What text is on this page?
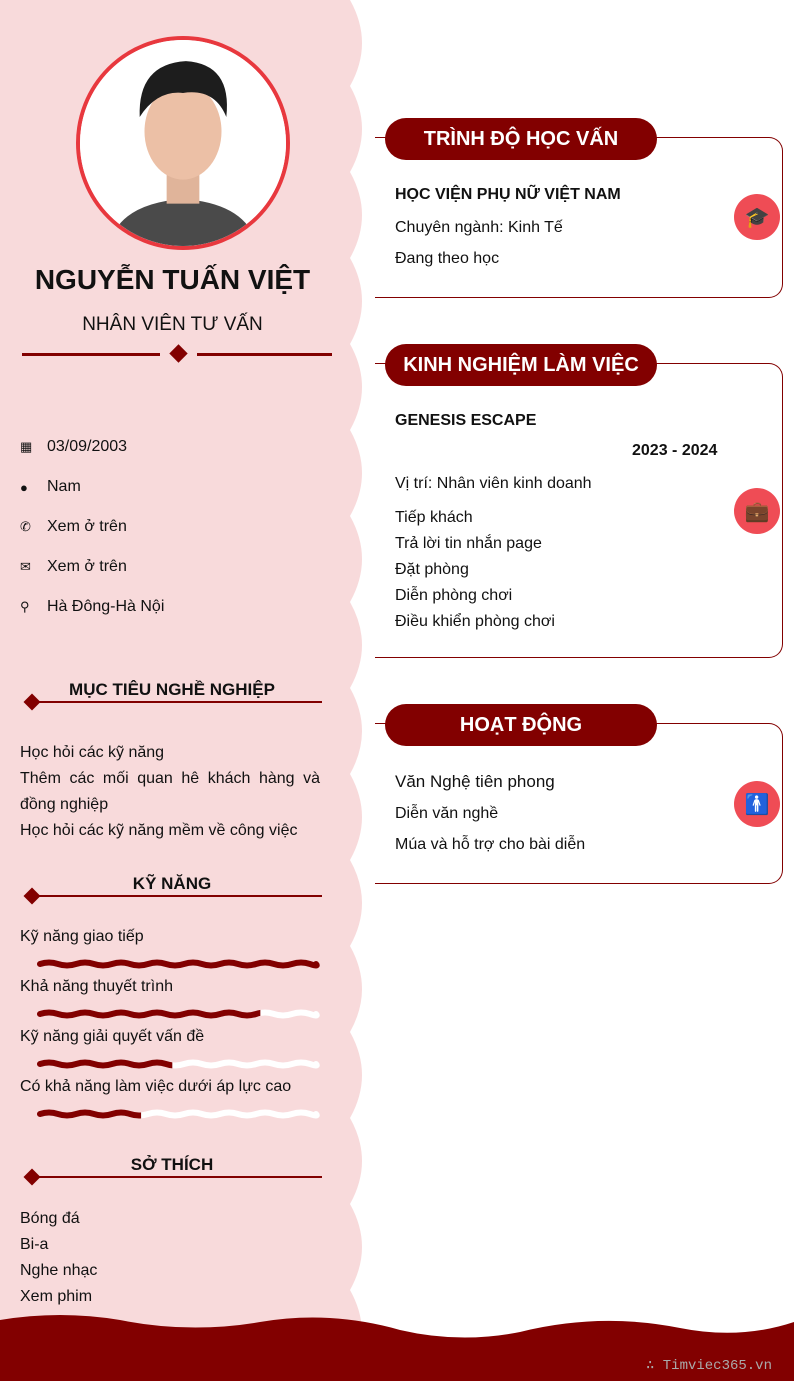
NGUYỄN TUẤN VIỆT
NHÂN VIÊN TƯ VẤN
▦ 03/09/2003
●	Nam
✆	Xem ở trên
✉	Xem ở trên
⚲	Hà Đông-Hà Nội
MỤC TIÊU NGHỀ NGHIỆP
Học hỏi các kỹ năng
Thêm các mối quan hê khách hàng và đồng nghiệp
Học hỏi các kỹ năng mềm về công việc
KỸ NĂNG
Kỹ năng giao tiếp
Khả năng thuyết trình
Kỹ năng giải quyết vấn đề
Có khả năng làm việc dưới áp lực cao
SỞ THÍCH
Bóng đá
Bi-a
Nghe nhạc
Xem phim
TRÌNH ĐỘ HỌC VẤN
HỌC VIỆN PHỤ NỮ VIỆT NAM
Chuyên ngành: Kinh Tế
Đang theo học
🎓
KINH NGHIỆM LÀM VIỆC
GENESIS ESCAPE
2023 - 2024
Vị trí: Nhân viên kinh doanh
Tiếp khách
Trả lời tin nhắn page
Đặt phòng
Diễn phòng chơi
Điều khiển phòng chơi
💼
HOẠT ĐỘNG
Văn Nghệ tiên phong
Diễn văn nghề
Múa và hỗ trợ cho bài diễn
🚹
∴ Timviec365.vn
